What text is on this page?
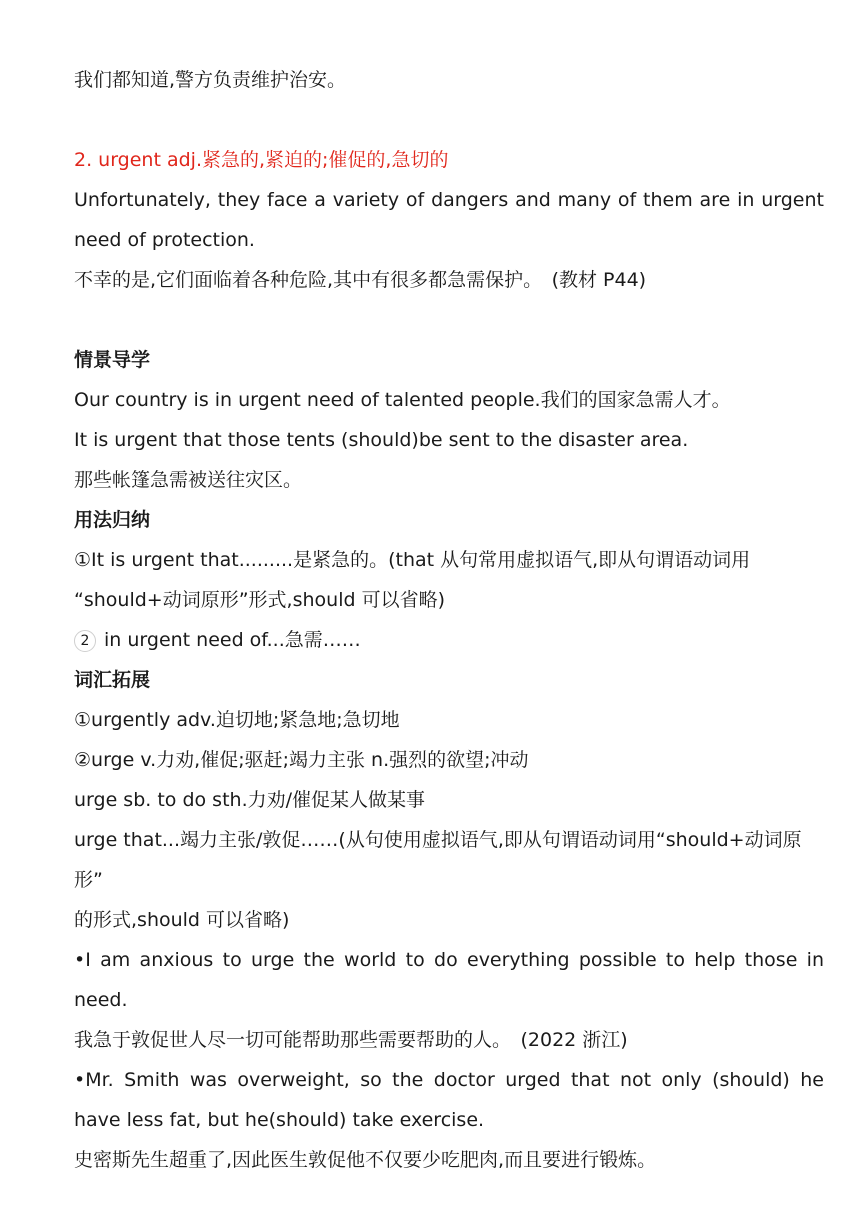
我们都知道,警方负责维护治安。
2. urgent adj.紧急的,紧迫的;催促的,急切的
Unfortunately, they face a variety of dangers and many of them are in urgent need of protection.
不幸的是,它们面临着各种危险,其中有很多都急需保护。　(教材 P44)
情景导学
Our country is in urgent need of talented people.我们的国家急需人才。
It is urgent that those tents (should)be sent to the disaster area.
那些帐篷急需被送往灾区。
用法归纳
①It is urgent that.........是紧急的。(that 从句常用虚拟语气,即从句谓语动词用
“should+动词原形”形式,should 可以省略)
2 in urgent need of...急需……
词汇拓展
①urgently adv.迫切地;紧急地;急切地
②urge v.力劝,催促;驱赶;竭力主张 n.强烈的欲望;冲动
urge sb. to do sth.力劝/催促某人做某事
urge that...竭力主张/敦促……(从句使用虚拟语气,即从句谓语动词用“should+动词原形”
的形式,should 可以省略)
•I am anxious to urge the world to do everything possible to help those in need.
我急于敦促世人尽一切可能帮助那些需要帮助的人。　(2022 浙江)
•Mr. Smith was overweight, so the doctor urged that not only (should) he have less fat, but he(should) take exercise.
史密斯先生超重了,因此医生敦促他不仅要少吃肥肉,而且要进行锻炼。
